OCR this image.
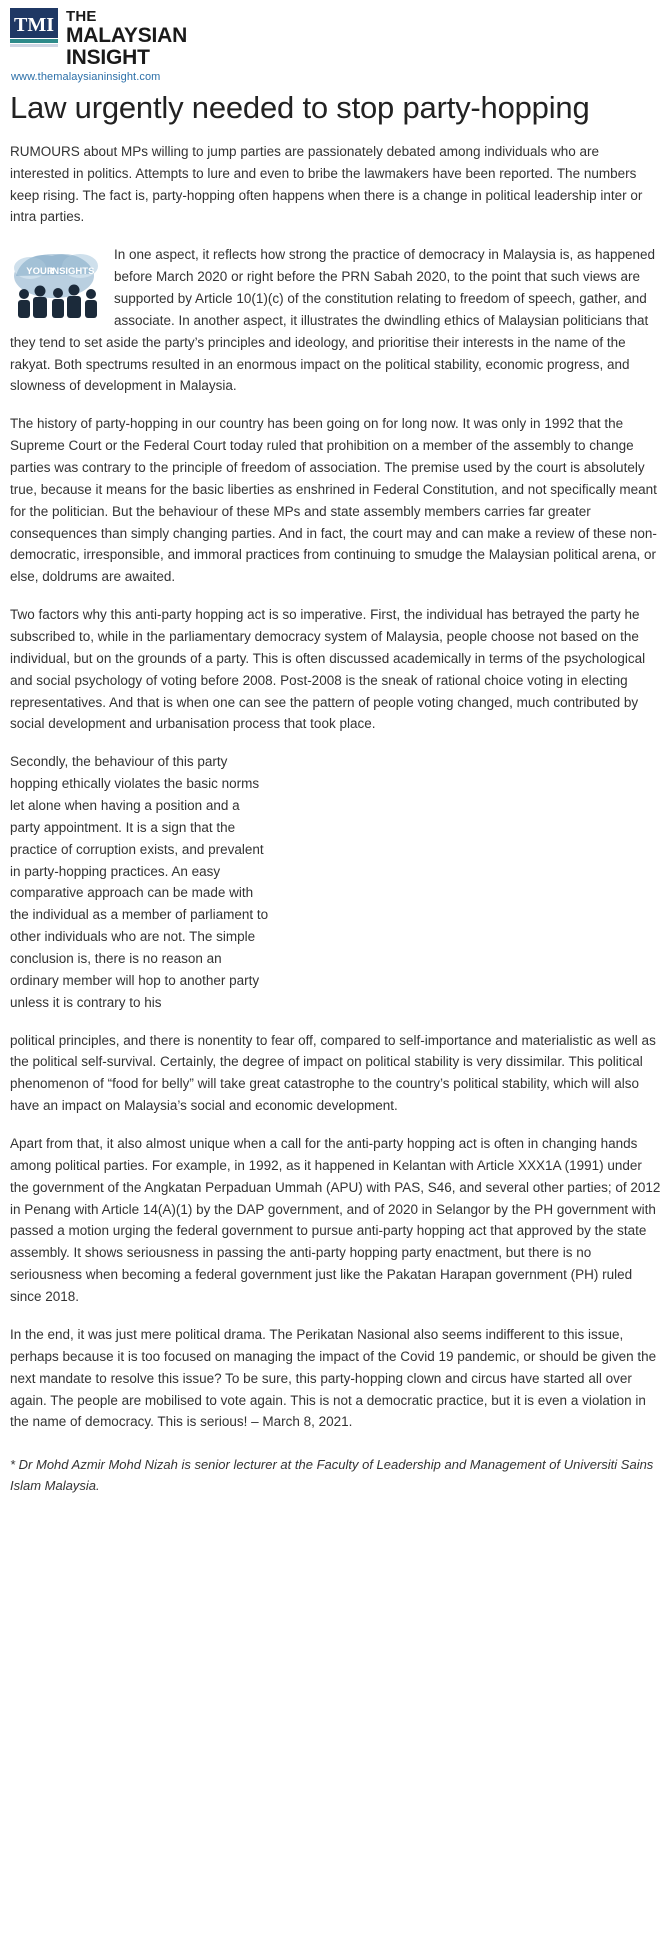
TMI THE
MALAYSIAN
INSIGHT
www.themalaysianinsight.com
Law urgently needed to stop party-hopping

RUMOURS about MPs willing to jump parties are passionately debated among individuals who are interested in politics. Attempts to lure and even to bribe the lawmakers have been reported. The numbers keep rising. The fact is, party-hopping often happens when there is a change in political leadership inter or intra parties.

YOUR
INSIGHTS

In one aspect, it reflects how strong the practice of democracy in Malaysia is, as happened before March 2020 or right before the PRN Sabah 2020, to the point that such views are supported by Article 10(1)(c) of the constitution relating to freedom of speech, gather, and associate. In another aspect, it illustrates the dwindling ethics of Malaysian politicians that they tend to set aside the party’s principles and ideology, and prioritise their interests in the name of the rakyat. Both spectrums resulted in an enormous impact on the political stability, economic progress, and slowness of development in Malaysia.

The history of party-hopping in our country has been going on for long now. It was only in 1992 that the Supreme Court or the Federal Court today ruled that prohibition on a member of the assembly to change parties was contrary to the principle of freedom of association. The premise used by the court is absolutely true, because it means for the basic liberties as enshrined in Federal Constitution, and not specifically meant for the politician. But the behaviour of these MPs and state assembly members carries far greater consequences than simply changing parties. And in fact, the court may and can make a review of these non-democratic, irresponsible, and immoral practices from continuing to smudge the Malaysian political arena, or else, doldrums are awaited.

Two factors why this anti-party hopping act is so imperative. First, the individual has betrayed the party he subscribed to, while in the parliamentary democracy system of Malaysia, people choose not based on the individual, but on the grounds of a party. This is often discussed academically in terms of the psychological and social psychology of voting before 2008. Post-2008 is the sneak of rational choice voting in electing representatives. And that is when one can see the pattern of people voting changed, much contributed by social development and urbanisation process that took place.

Secondly, the behaviour of this party hopping ethically violates the basic norms let alone when having a position and a party appointment. It is a sign that the practice of corruption exists, and prevalent in party-hopping practices. An easy comparative approach can be made with the individual as a member of parliament to other individuals who are not. The simple conclusion is, there is no reason an ordinary member will hop to another party unless it is contrary to his

political principles, and there is nonentity to fear off, compared to self-importance and materialistic as well as the political self-survival. Certainly, the degree of impact on political stability is very dissimilar. This political phenomenon of “food for belly” will take great catastrophe to the country’s political stability, which will also have an impact on Malaysia’s social and economic development.

Apart from that, it also almost unique when a call for the anti-party hopping act is often in changing hands among political parties. For example, in 1992, as it happened in Kelantan with Article XXX1A (1991) under the government of the Angkatan Perpaduan Ummah (APU) with PAS, S46, and several other parties; of 2012 in Penang with Article 14(A)(1) by the DAP government, and of 2020 in Selangor by the PH government with passed a motion urging the federal government to pursue anti-party hopping act that approved by the state assembly. It shows seriousness in passing the anti-party hopping party enactment, but there is no seriousness when becoming a federal government just like the Pakatan Harapan government (PH) ruled since 2018.

In the end, it was just mere political drama. The Perikatan Nasional also seems indifferent to this issue, perhaps because it is too focused on managing the impact of the Covid 19 pandemic, or should be given the next mandate to resolve this issue? To be sure, this party-hopping clown and circus have started all over again. The people are mobilised to vote again. This is not a democratic practice, but it is even a violation in the name of democracy. This is serious! – March 8, 2021.

* Dr Mohd Azmir Mohd Nizah is senior lecturer at the Faculty of Leadership and Management of Universiti Sains Islam Malaysia.
